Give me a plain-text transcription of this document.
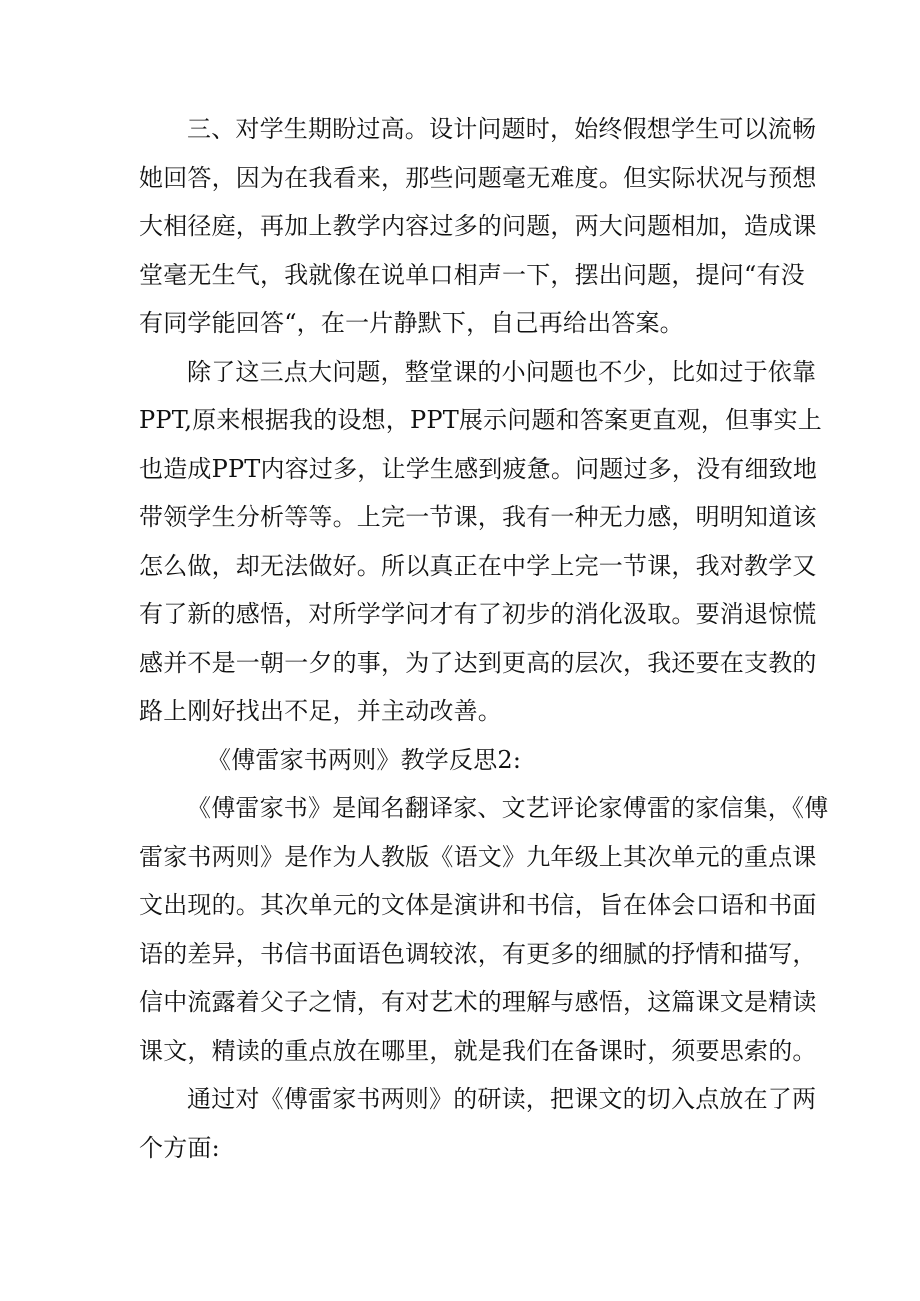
三、对学生期盼过高。设计问题时，始终假想学生可以流畅
她回答，因为在我看来，那些问题毫无难度。但实际状况与预想
大相径庭，再加上教学内容过多的问题，两大问题相加，造成课
堂毫无生气，我就像在说单口相声一下，摆出问题，提问“有没
有同学能回答“，在一片静默下，自己再给出答案。

除了这三点大问题，整堂课的小问题也不少，比如过于依靠
PPT,原来根据我的设想，PPT展示问题和答案更直观，但事实上
也造成PPT内容过多，让学生感到疲惫。问题过多，没有细致地
带领学生分析等等。上完一节课，我有一种无力感，明明知道该
怎么做，却无法做好。所以真正在中学上完一节课，我对教学又
有了新的感悟，对所学学问才有了初步的消化汲取。要消退惊慌
感并不是一朝一夕的事，为了达到更高的层次，我还要在支教的
路上刚好找出不足，并主动改善。

《傅雷家书两则》教学反思2:

《傅雷家书》是闻名翻译家、文艺评论家傅雷的家信集，《傅
雷家书两则》是作为人教版《语文》九年级上其次单元的重点课
文出现的。其次单元的文体是演讲和书信，旨在体会口语和书面
语的差异，书信书面语色调较浓，有更多的细腻的抒情和描写，
信中流露着父子之情，有对艺术的理解与感悟，这篇课文是精读
课文，精读的重点放在哪里，就是我们在备课时，须要思索的。

通过对《傅雷家书两则》的研读，把课文的切入点放在了两
个方面:
